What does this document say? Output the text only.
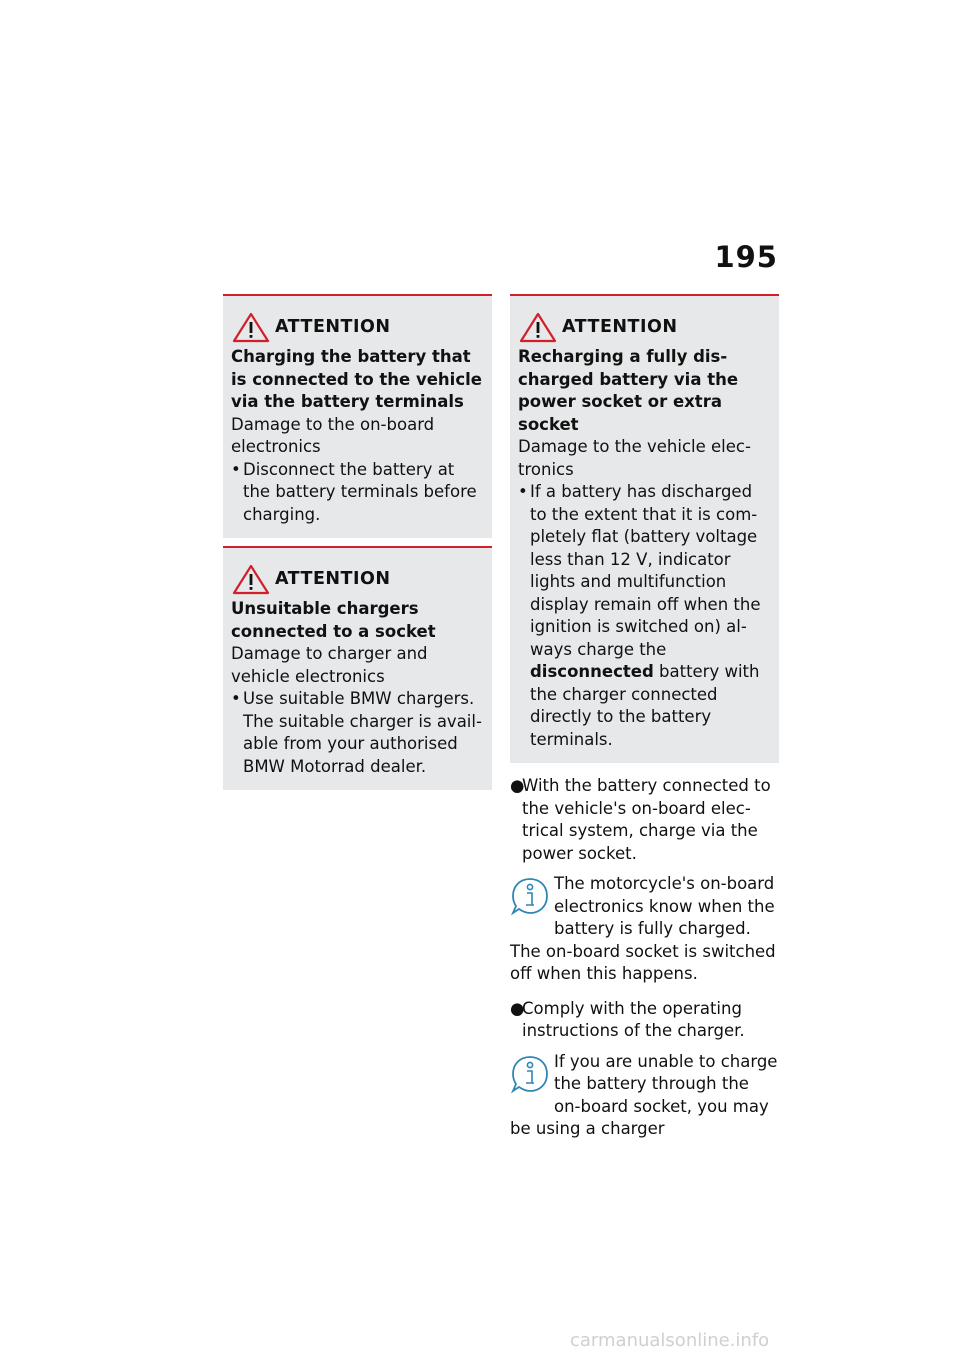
195
ATTENTION
Charging the battery that is connected to the vehicle via the battery terminals
Damage to the on-board electronics
• Disconnect the battery at the battery terminals before charging.
ATTENTION
Unsuitable chargers connected to a socket
Damage to charger and vehicle electronics
• Use suitable BMW chargers. The suitable charger is available from your authorised BMW Motorrad dealer.
ATTENTION
Recharging a fully discharged battery via the power socket or extra socket
Damage to the vehicle electronics
• If a battery has discharged to the extent that it is completely flat (battery voltage less than 12 V, indicator lights and multifunction display remain off when the ignition is switched on) always charge the disconnected battery with the charger connected directly to the battery terminals.
●
With the battery connected to the vehicle's on-board electrical system, charge via the power socket.
The motorcycle's on-board electronics know when the battery is fully charged. The on-board socket is switched off when this happens.
●
Comply with the operating instructions of the charger.
If you are unable to charge the battery through the on-board socket, you may be using a charger
carmanualsonline.info
